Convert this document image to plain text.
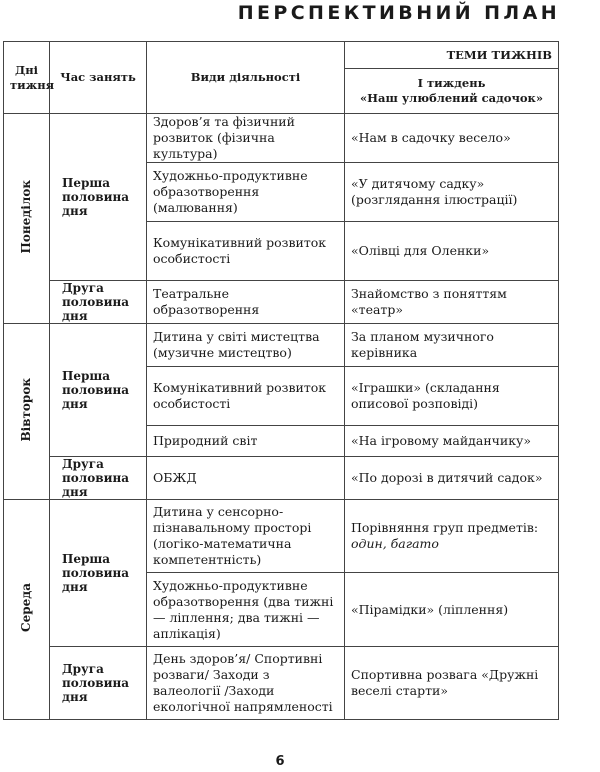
ПЕРСПЕКТИВНИЙ ПЛАН
Дні тижня	Час занять	Види діяльності	ТЕМИ ТИЖНІВ

			І тиждень
«Наш улюблений садочок»

Понеділок	Перша половина дня	Здоров’я та фізичний розвиток (фізична культура)	«Нам в садочку весело»
		Художньо-продуктивне образотворення (малювання)	«У дитячому садку» (розглядання ілюстрації)
		Комунікативний розвиток особистості	«Олівці для Оленки»
	Друга половина дня	Театральне образотворення	Знайомство з поняттям «театр»
Вівторок	Перша половина дня	Дитина у світі мистецтва (музичне мистецтво)	За планом музичного керівника
		Комунікативний розвиток особистості	«Іграшки» (складання описової розповіді)
		Природний світ	«На ігровому майданчику»
	Друга половина дня	ОБЖД	«По дорозі в дитячий садок»
Середа	Перша половина дня	Дитина у сенсорно-пізнавальному просторі (логіко-математична компетентність)	Порівняння груп предметів:
один, багато

		Художньо-продуктивне образотворення (два тижні — ліплення; два тижні — аплікація)	«Пірамідки» (ліплення)
	Друга половина дня	День здоров’я/ Спортивні розваги/ Заходи з валеології /Заходи екологічної напрямленості	Спортивна розвага «Дружні веселі старти»
6
